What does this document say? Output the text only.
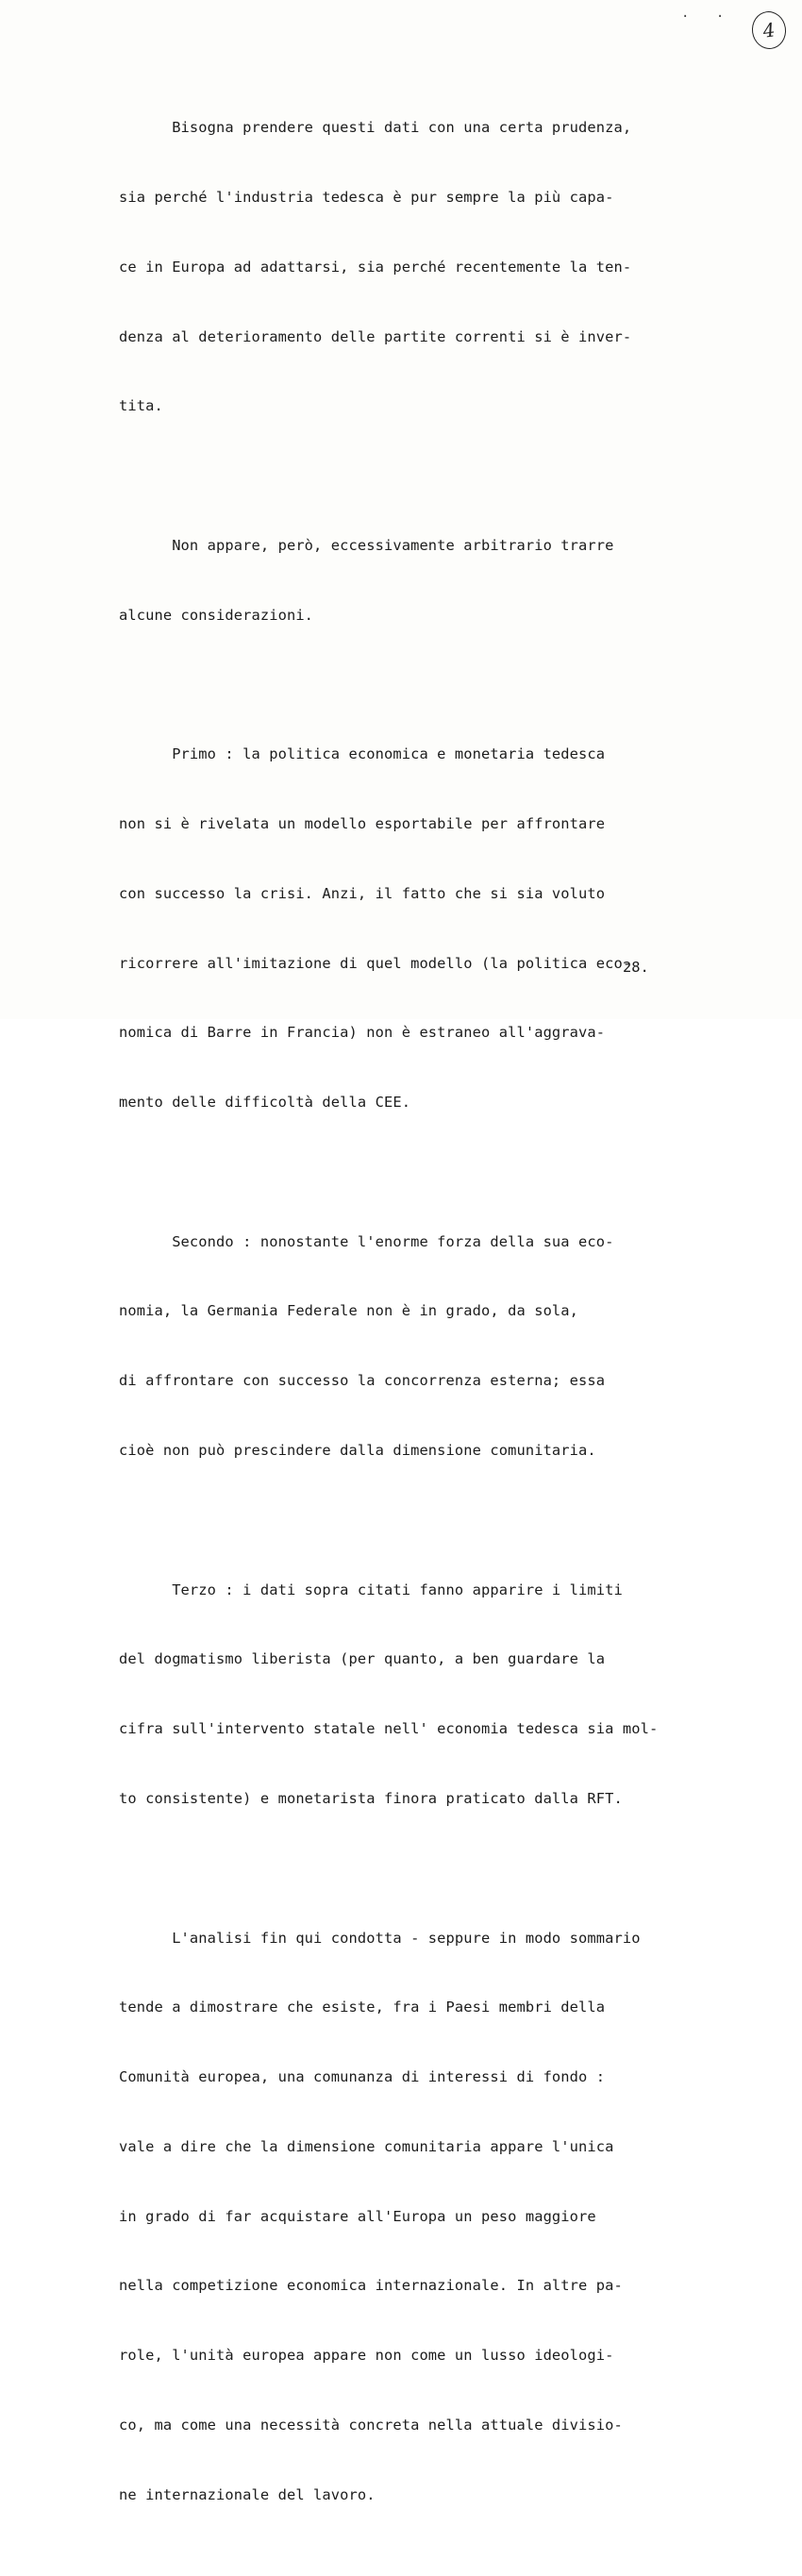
. .
4

Bisogna prendere questi dati con una certa prudenza,

sia perché l'industria tedesca è pur sempre la più capa-

ce in Europa ad adattarsi, sia perché recentemente la ten-

denza al deterioramento delle partite correnti si è inver-

tita.

Non appare, però, eccessivamente arbitrario trarre

alcune considerazioni.

Primo : la politica economica e monetaria tedesca

non si è rivelata un modello esportabile per affrontare

con successo la crisi. Anzi, il fatto che si sia voluto

ricorrere all'imitazione di quel modello (la politica eco-

nomica di Barre in Francia) non è estraneo all'aggrava-

mento delle difficoltà della CEE.

Secondo : nonostante l'enorme forza della sua eco-

nomia, la Germania Federale non è in grado, da sola,

di affrontare con successo la concorrenza esterna; essa

cioè non può prescindere dalla dimensione comunitaria.

Terzo : i dati sopra citati fanno apparire i limiti

del dogmatismo liberista (per quanto, a ben guardare la

cifra sull'intervento statale nell' economia tedesca sia mol-

to consistente) e monetarista finora praticato dalla RFT.

L'analisi fin qui condotta - seppure in modo sommario

tende a dimostrare che esiste, fra i Paesi membri della

Comunità europea, una comunanza di interessi di fondo :

vale a dire che la dimensione comunitaria appare l'unica

in grado di far acquistare all'Europa un peso maggiore

nella competizione economica internazionale. In altre pa-

role, l'unità europea appare non come un lusso ideologi-

co, ma come una necessità concreta nella attuale divisio-

ne internazionale del lavoro.

28.
